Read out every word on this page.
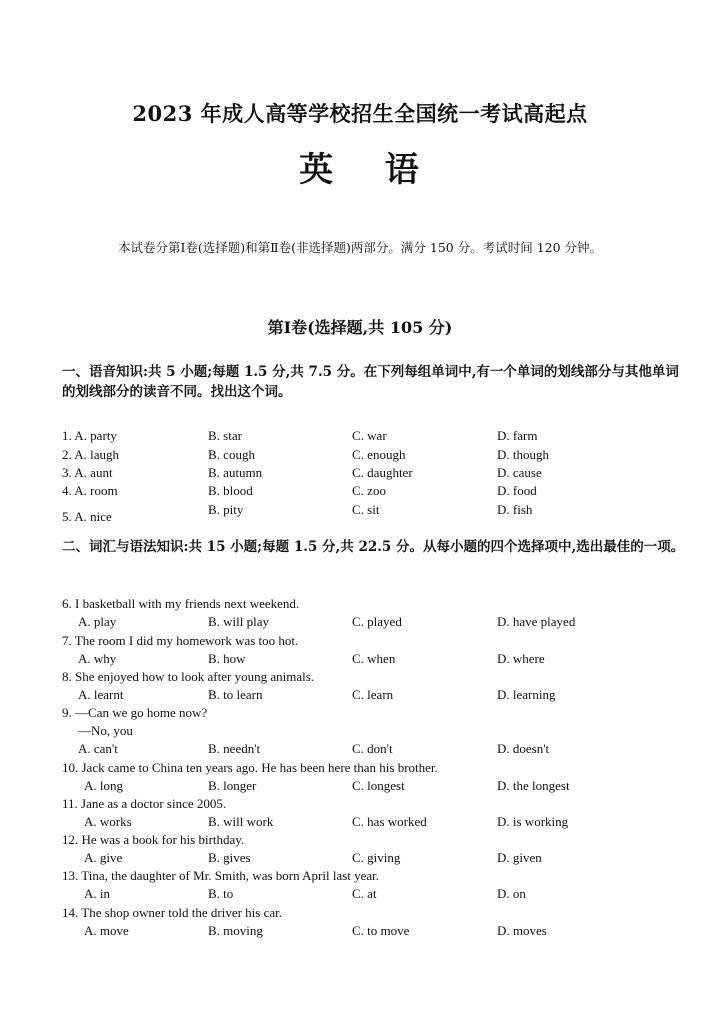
2023 年成人高等学校招生全国统一考试高起点
英 语
本试卷分第Ⅰ卷(选择题)和第Ⅱ卷(非选择题)两部分。满分 150 分。考试时间 120 分钟。
第Ⅰ卷(选择题,共 105 分)
一、语音知识:共 5 小题;每题 1.5 分,共 7.5 分。在下列每组单词中,有一个单词的划线部分与其他单词的划线部分的读音不同。找出这个词。
1. A. party	B. star	C. war	D. farm
2. A. laugh	B. cough	C. enough	D. though
3. A. aunt	B. autumn	C. daughter	D. cause
4. A. room	B. blood	C. zoo	D. food
5. A. nice	B. pity	C. sit	D. fish
二、词汇与语法知识:共 15 小题;每题 1.5 分,共 22.5 分。从每小题的四个选择项中,选出最佳的一项。
6. I basketball with my friends next weekend.
A. play	B. will play	C. played	D. have played
7. The room I did my homework was too hot.
A. why	B. how	C. when	D. where
8. She enjoyed how to look after young animals.
A. learnt	B. to learn	C. learn	D. learning
9. —Can we go home now?
—No, you
A. can't	B. needn't	C. don't	D. doesn't
10. Jack came to China ten years ago. He has been here than his brother.
A. long	B. longer	C. longest	D. the longest
11. Jane as a doctor since 2005.
A. works	B. will work	C. has worked	D. is working
12. He was a book for his birthday.
A. give	B. gives	C. giving	D. given
13. Tina, the daughter of Mr. Smith, was born April last year.
A. in	B. to	C. at	D. on
14. The shop owner told the driver his car.
A. move	B. moving	C. to move	D. moves
